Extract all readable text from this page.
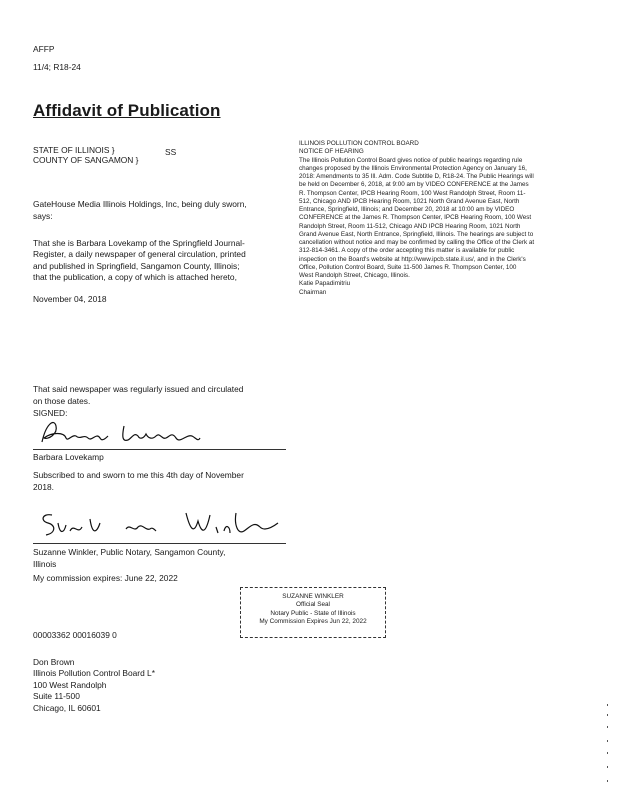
AFFP
11/4; R18-24
Affidavit of Publication
STATE OF ILLINOIS }	SS
COUNTY OF SANGAMON }
GateHouse Media Illinois Holdings, Inc, being duly sworn,
says:
That she is Barbara Lovekamp of the Springfield Journal-
Register, a daily newspaper of general circulation, printed
and published in Springfield, Sangamon County, Illinois;
that the publication, a copy of which is attached hereto,
November 04, 2018
ILLINOIS POLLUTION CONTROL BOARD
NOTICE OF HEARING
The Illinois Pollution Control Board gives notice of public hearings regarding rule
changes proposed by the Illinois Environmental Protection Agency on January 16,
2018: Amendments to 35 Ill. Adm. Code Subtitle D, R18-24. The Public Hearings will
be held on December 6, 2018, at 9:00 am by VIDEO CONFERENCE at the James
R. Thompson Center, IPCB Hearing Room, 100 West Randolph Street, Room 11-
512, Chicago AND IPCB Hearing Room, 1021 North Grand Avenue East, North
Entrance, Springfield, Illinois; and December 20, 2018 at 10:00 am by VIDEO
CONFERENCE at the James R. Thompson Center, IPCB Hearing Room, 100 West
Randolph Street, Room 11-512, Chicago AND IPCB Hearing Room, 1021 North
Grand Avenue East, North Entrance, Springfield, Illinois. The hearings are subject to
cancellation without notice and may be confirmed by calling the Office of the Clerk at
312-814-3461. A copy of the order accepting this matter is available for public
inspection on the Board's website at http://www.ipcb.state.il.us/, and in the Clerk's
Office, Pollution Control Board, Suite 11-500 James R. Thompson Center, 100
West Randolph Street, Chicago, Illinois.
Katie Papadimitriu
Chairman
That said newspaper was regularly issued and circulated
on those dates.
SIGNED:
Barbara Lovekamp
Subscribed to and sworn to me this 4th day of November
2018.
Suzanne Winkler, Public Notary, Sangamon County,
Illinois
My commission expires: June 22, 2022
SUZANNE WINKLER
Official Seal
Notary Public - State of Illinois
My Commission Expires Jun 22, 2022
00003362 00016039 0
Don Brown
Illinois Pollution Control Board L*
100 West Randolph
Suite 11-500
Chicago, IL 60601
